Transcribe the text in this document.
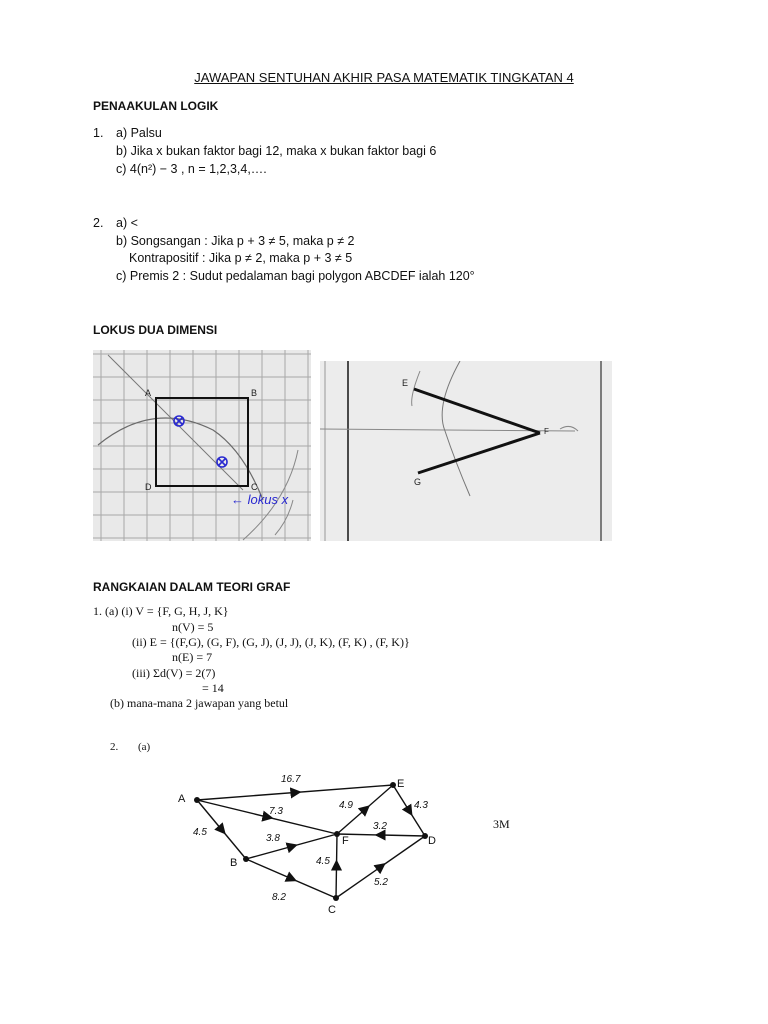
JAWAPAN SENTUHAN AKHIR PASA MATEMATIK TINGKATAN 4
PENAAKULAN LOGIK
1. a) Palsu
b) Jika x bukan faktor bagi 12, maka x bukan faktor bagi 6
c) 4(n²) − 3 , n = 1,2,3,4,….
2. a) <
b) Songsangan : Jika p + 3 ≠ 5, maka p ≠ 2
Kontrapositif : Jika p ≠ 2, maka p + 3 ≠ 5
c) Premis 2 : Sudut pedalaman bagi polygon ABCDEF ialah 120°
LOKUS DUA DIMENSI
A	B
C
D
← lokus x
E
F
G
RANGKAIAN DALAM TEORI GRAF
1. (a) (i) V = {F, G, H, J, K}
n(V) = 5
(ii) E = {(F,G), (G, F), (G, J), (J, J), (J, K), (F, K) , (F, K)}
n(E) = 7
(iii) Σd(V) = 2(7)
= 14
(b) mana-mana 2 jawapan yang betul
2. (a)
3M
A
B
C
D
E
F
16.7
7.3
4.5
3.8
8.2
4.9	4.3
3.2
4.5
5.2
